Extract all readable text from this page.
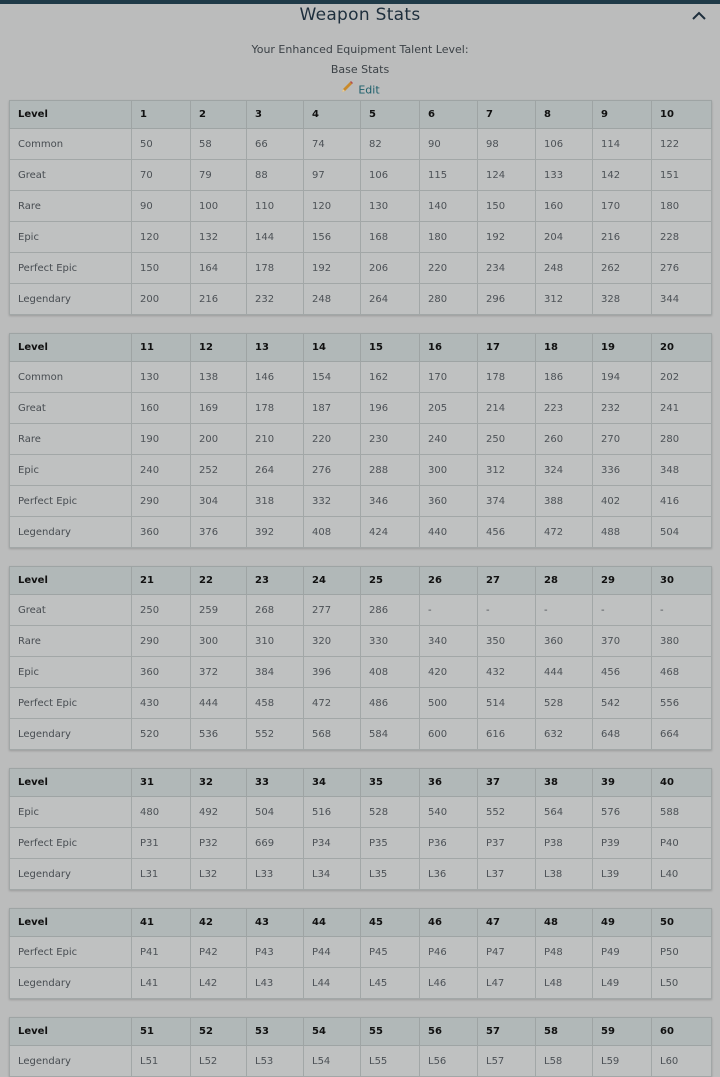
Weapon Stats
Your Enhanced Equipment Talent Level:
Base Stats
Edit
Level	1	2	3	4	5	6	7	8	9	10
Common	50	58	66	74	82	90	98	106	114	122
Great	70	79	88	97	106	115	124	133	142	151
Rare	90	100	110	120	130	140	150	160	170	180
Epic	120	132	144	156	168	180	192	204	216	228
Perfect Epic	150	164	178	192	206	220	234	248	262	276
Legendary	200	216	232	248	264	280	296	312	328	344
Level	11	12	13	14	15	16	17	18	19	20
Common	130	138	146	154	162	170	178	186	194	202
Great	160	169	178	187	196	205	214	223	232	241
Rare	190	200	210	220	230	240	250	260	270	280
Epic	240	252	264	276	288	300	312	324	336	348
Perfect Epic	290	304	318	332	346	360	374	388	402	416
Legendary	360	376	392	408	424	440	456	472	488	504
Level	21	22	23	24	25	26	27	28	29	30
Great	250	259	268	277	286	-	-	-	-	-
Rare	290	300	310	320	330	340	350	360	370	380
Epic	360	372	384	396	408	420	432	444	456	468
Perfect Epic	430	444	458	472	486	500	514	528	542	556
Legendary	520	536	552	568	584	600	616	632	648	664
Level	31	32	33	34	35	36	37	38	39	40
Epic	480	492	504	516	528	540	552	564	576	588
Perfect Epic	P31	P32	669	P34	P35	P36	P37	P38	P39	P40
Legendary	L31	L32	L33	L34	L35	L36	L37	L38	L39	L40
Level	41	42	43	44	45	46	47	48	49	50
Perfect Epic	P41	P42	P43	P44	P45	P46	P47	P48	P49	P50
Legendary	L41	L42	L43	L44	L45	L46	L47	L48	L49	L50
Level	51	52	53	54	55	56	57	58	59	60
Legendary	L51	L52	L53	L54	L55	L56	L57	L58	L59	L60
